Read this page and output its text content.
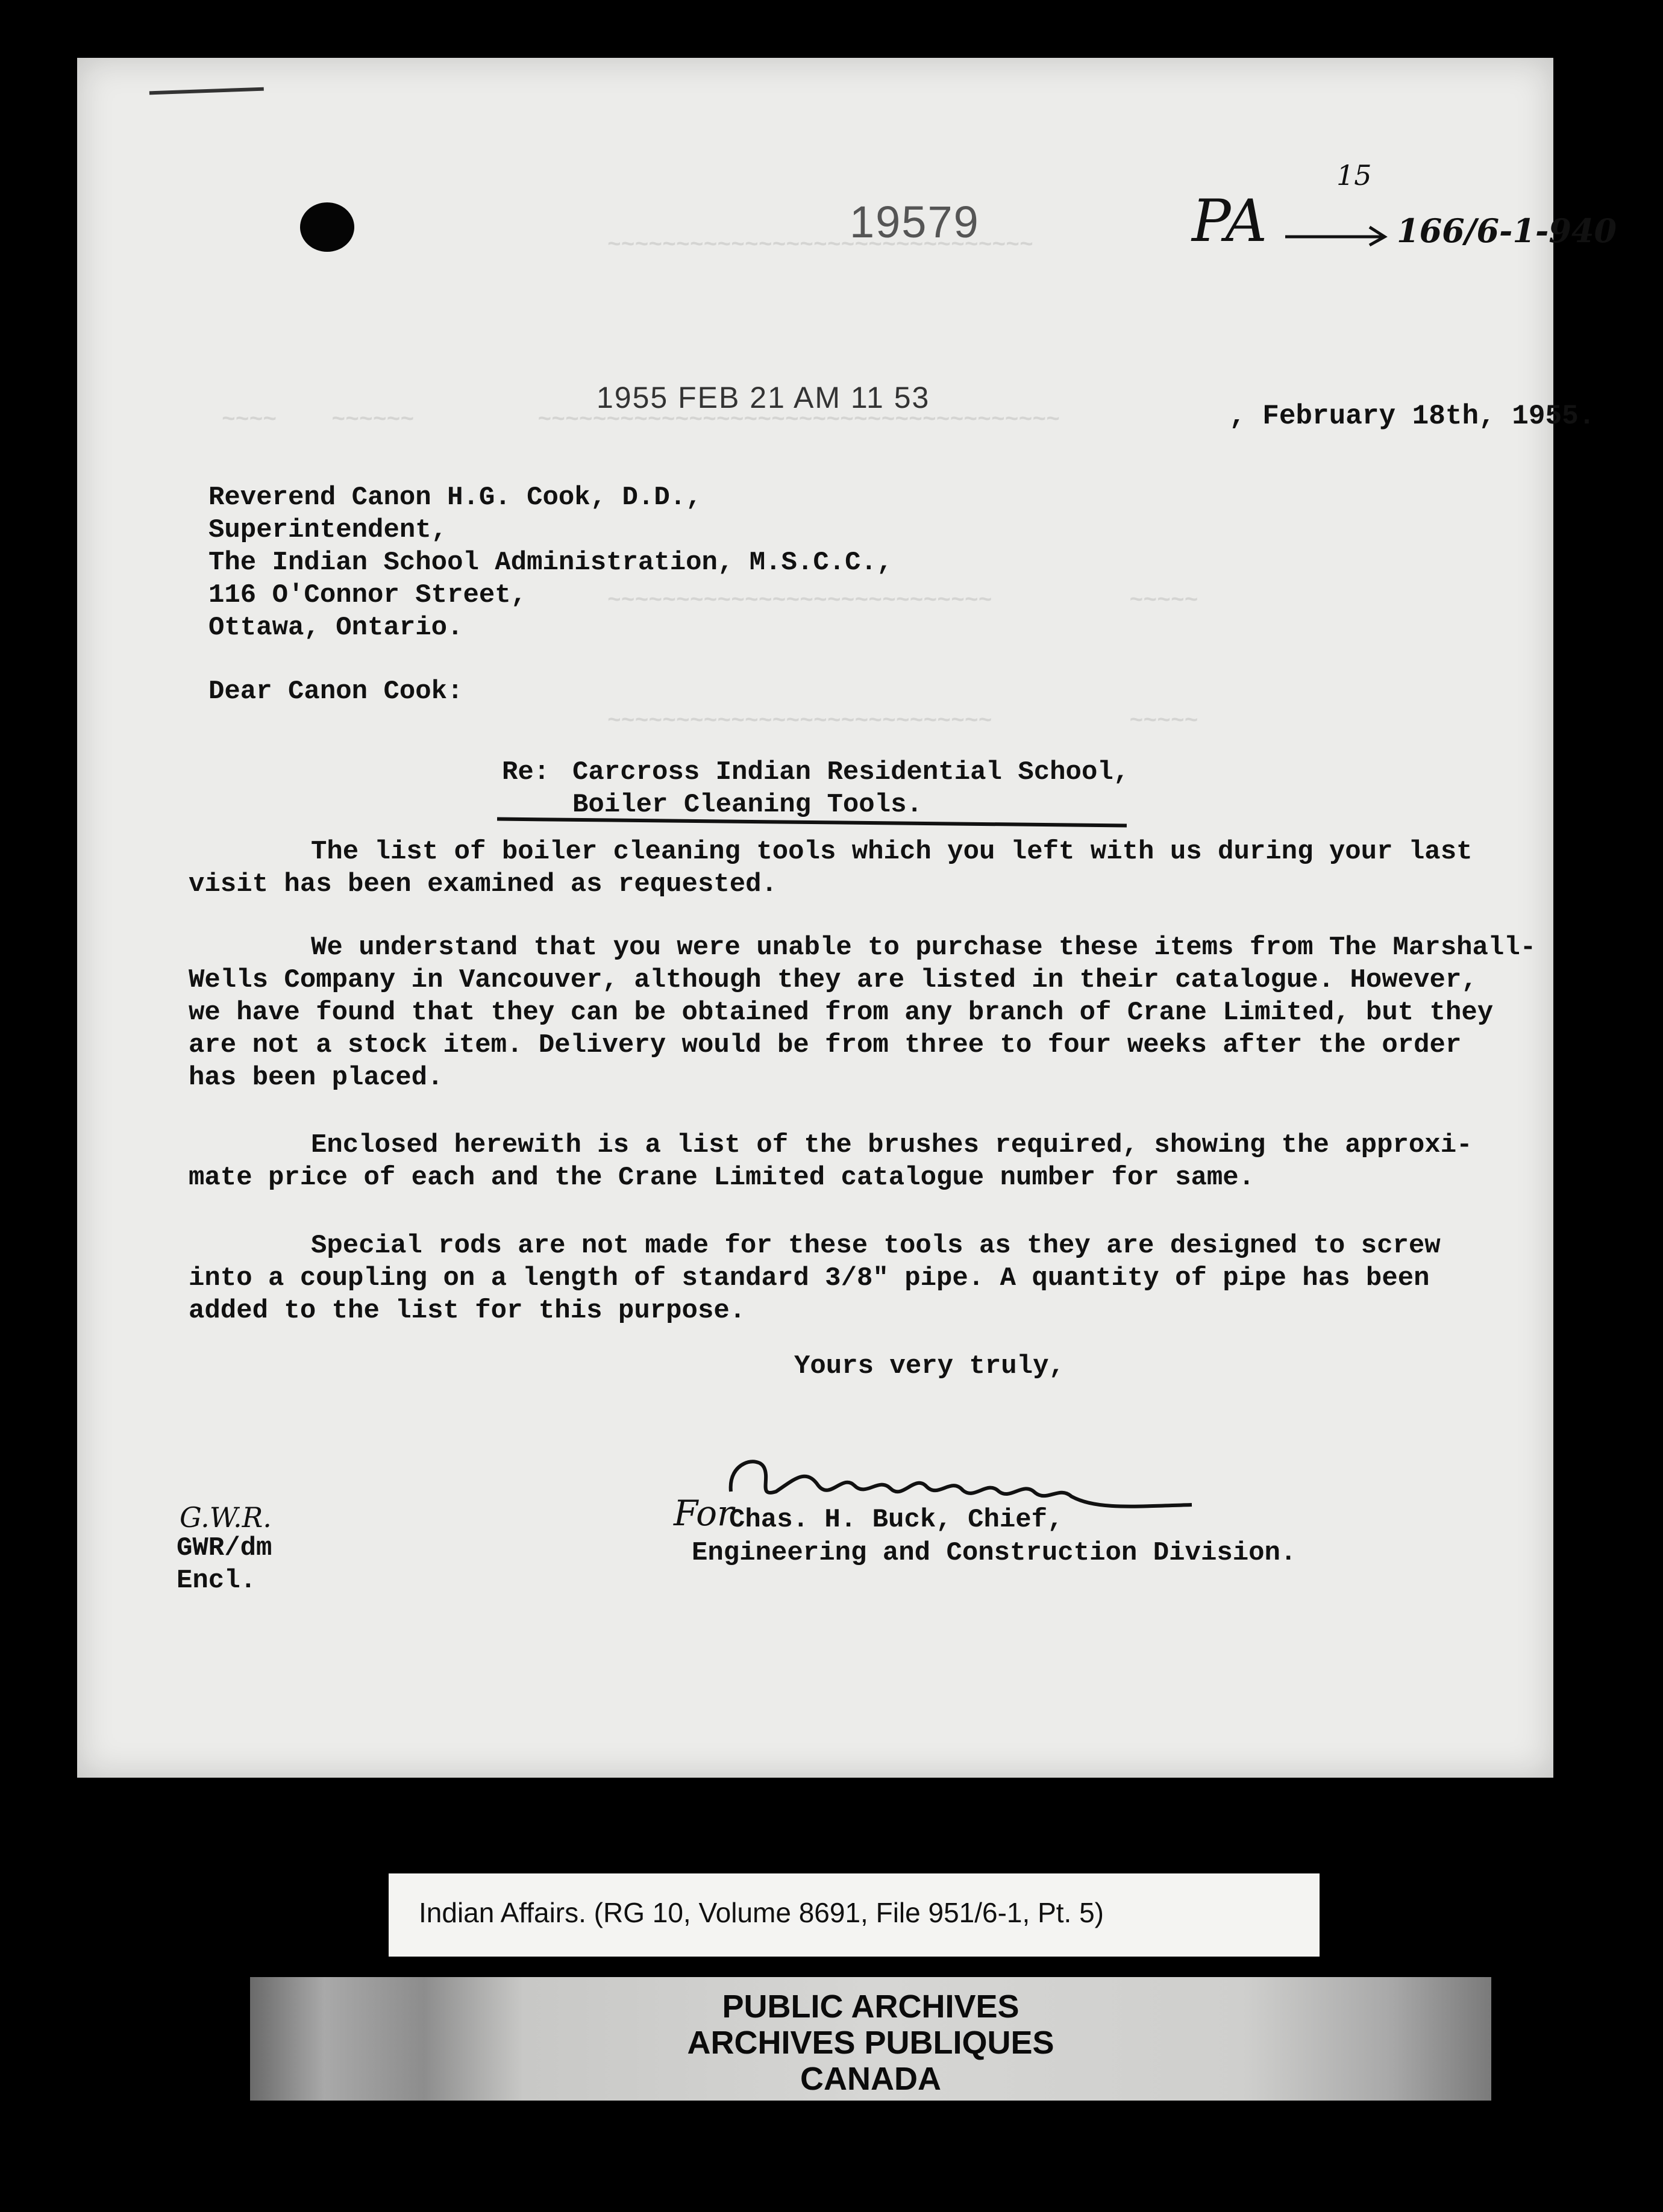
~~~~~~~~~~~~~~~~~~~~~~~~~~~~~~~
~~~~    ~~~~~~         ~~~~~~~~~~~~~~~~~~~~~~~~~~~~~~~~~~~~~~
~~~~~~~~~~~~~~~~~~~~~~~~~~~~          ~~~~~
~~~~~~~~~~~~~~~~~~~~~~~~~~~~          ~~~~~
19579	PA
15
166/6-1-940
1955 FEB 21 AM 11 53
, February 18th, 1955.
Reverend Canon H.G. Cook, D.D.,
Superintendent,
The Indian School Administration, M.S.C.C.,
116 O'Connor Street,
Ottawa, Ontario.
Dear Canon Cook:
Re: Carcross Indian Residential School,
Boiler Cleaning Tools.
The list of boiler cleaning tools which you left with us during your last
visit has been examined as requested.
We understand that you were unable to purchase these items from The Marshall-
Wells Company in Vancouver, although they are listed in their catalogue. However,
we have found that they can be obtained from any branch of Crane Limited, but they
are not a stock item. Delivery would be from three to four weeks after the order
has been placed.
Enclosed herewith is a list of the brushes required, showing the approxi-
mate price of each and the Crane Limited catalogue number for same.
Special rods are not made for these tools as they are designed to screw
into a coupling on a length of standard 3/8" pipe. A quantity of pipe has been
added to the list for this purpose.
Yours very truly,
For
Chas. H. Buck, Chief,
Engineering and Construction Division.
G.W.R.
GWR/dm
Encl.
Indian Affairs. (RG 10, Volume 8691, File 951/6-1, Pt. 5)
PUBLIC ARCHIVES
ARCHIVES PUBLIQUES
CANADA
